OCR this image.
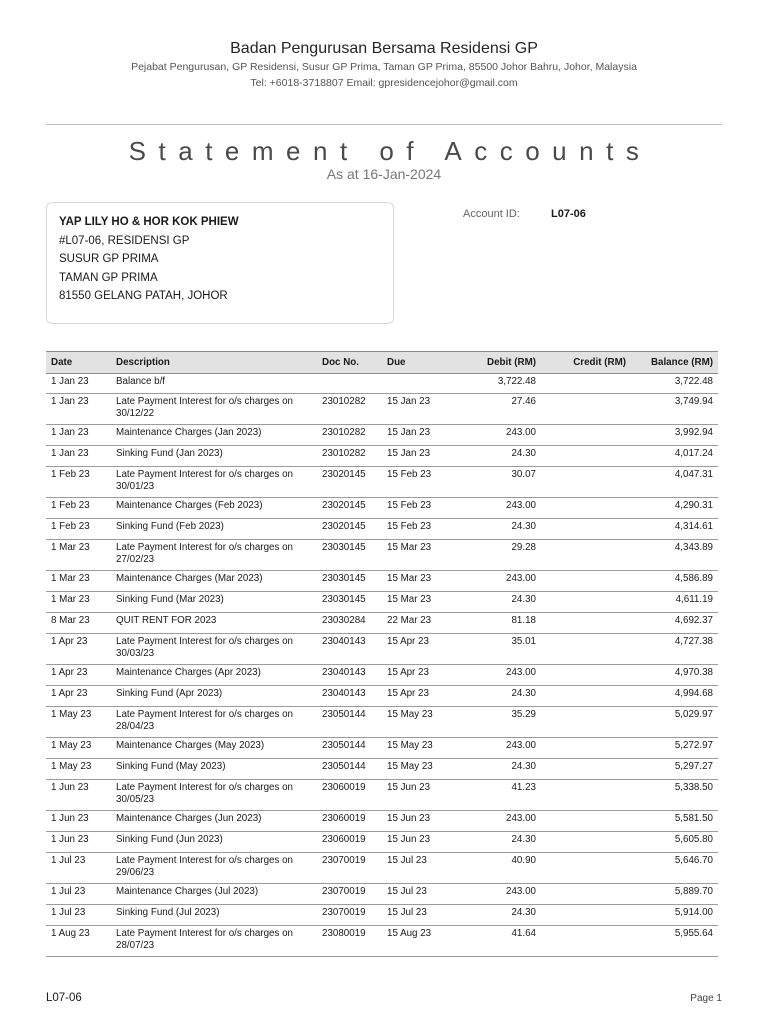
Badan Pengurusan Bersama Residensi GP
Pejabat Pengurusan, GP Residensi, Susur GP Prima, Taman GP Prima, 85500 Johor Bahru, Johor, Malaysia
Tel: +6018-3718807 Email: gpresidencejohor@gmail.com
Statement of Accounts
As at 16-Jan-2024
YAP LILY HO & HOR KOK PHIEW
#L07-06, RESIDENSI GP
SUSUR GP PRIMA
TAMAN GP PRIMA
81550 GELANG PATAH, JOHOR
Account ID:	L07-06
Date	Description	Doc No.	Due	Debit (RM)	Credit (RM)	Balance (RM)
1 Jan 23	Balance b/f			3,722.48		3,722.48
1 Jan 23	Late Payment Interest for o/s charges on 30/12/22	23010282	15 Jan 23	27.46		3,749.94
1 Jan 23	Maintenance Charges (Jan 2023)	23010282	15 Jan 23	243.00		3,992.94
1 Jan 23	Sinking Fund (Jan 2023)	23010282	15 Jan 23	24.30		4,017.24
1 Feb 23	Late Payment Interest for o/s charges on 30/01/23	23020145	15 Feb 23	30.07		4,047.31
1 Feb 23	Maintenance Charges (Feb 2023)	23020145	15 Feb 23	243.00		4,290.31
1 Feb 23	Sinking Fund (Feb 2023)	23020145	15 Feb 23	24.30		4,314.61
1 Mar 23	Late Payment Interest for o/s charges on 27/02/23	23030145	15 Mar 23	29.28		4,343.89
1 Mar 23	Maintenance Charges (Mar 2023)	23030145	15 Mar 23	243.00		4,586.89
1 Mar 23	Sinking Fund (Mar 2023)	23030145	15 Mar 23	24.30		4,611.19
8 Mar 23	QUIT RENT FOR 2023	23030284	22 Mar 23	81.18		4,692.37
1 Apr 23	Late Payment Interest for o/s charges on 30/03/23	23040143	15 Apr 23	35.01		4,727.38
1 Apr 23	Maintenance Charges (Apr 2023)	23040143	15 Apr 23	243.00		4,970.38
1 Apr 23	Sinking Fund (Apr 2023)	23040143	15 Apr 23	24.30		4,994.68
1 May 23	Late Payment Interest for o/s charges on 28/04/23	23050144	15 May 23	35.29		5,029.97
1 May 23	Maintenance Charges (May 2023)	23050144	15 May 23	243.00		5,272.97
1 May 23	Sinking Fund (May 2023)	23050144	15 May 23	24.30		5,297.27
1 Jun 23	Late Payment Interest for o/s charges on 30/05/23	23060019	15 Jun 23	41.23		5,338.50
1 Jun 23	Maintenance Charges (Jun 2023)	23060019	15 Jun 23	243.00		5,581.50
1 Jun 23	Sinking Fund (Jun 2023)	23060019	15 Jun 23	24.30		5,605.80
1 Jul 23	Late Payment Interest for o/s charges on 29/06/23	23070019	15 Jul 23	40.90		5,646.70
1 Jul 23	Maintenance Charges (Jul 2023)	23070019	15 Jul 23	243.00		5,889.70
1 Jul 23	Sinking Fund (Jul 2023)	23070019	15 Jul 23	24.30		5,914.00
1 Aug 23	Late Payment Interest for o/s charges on 28/07/23	23080019	15 Aug 23	41.64		5,955.64
L07-06	Page 1
